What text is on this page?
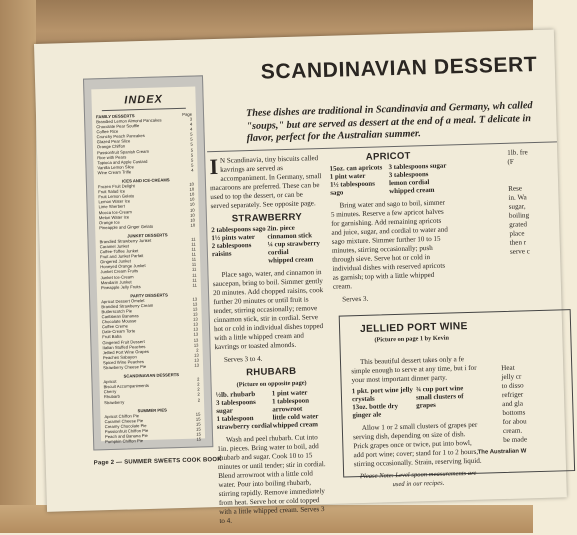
INDEX
FAMILY DESSERTS	Page
Brandied Lemon Almond Pancakes	3
Chocolate Pear Souffle	4
Coffee Rice	4
Crunchy Peach Pancakes	5
Glazed Pear Slice	5
Orange Chiffon	5
Passionfruit Spanish Cream	5
Rice with Pears	5
Tapioca and Apple Custard	5
Vanilla Lemon Slice	5
Wine Cream Trifle	4
ICES AND ICE-CREAMS
Frozen Fruit Delight	10
Fruit Salad Ice	10
Fruit Lemon Gelato	10
Lemon Water Ice	10
Lime Sherbert	10
Mocca Ice-Cream	10
Melon Water Ice	10
Orange Ice	10
Pineapple and Ginger Gelato	10
JUNKET DESSERTS
Brandied Strawberry Junket	11
Caramel Junket	11
Coffee-Toffee Junket	11
Fruit and Junket Parfait	11
Gingered Junket	11
Honeyed Orange Junket	11
Junket Cream Fruits	11
Junket Ice-Cream	11
Mandarin Junket	11
Pineapple Jelly Fruits	11
PARTY DESSERTS
Apricot Dessert Omelet	13
Brandied Strawberry Cream	13
Butterscotch Pie	13
Caribbean Bananas	13
Chocolate Mousse	13
Coffee Creme	13
Date-Cream Torte	13
Fruit Baba	13
Gingered Fruit Dessert	13
Italian Stuffed Peaches	13
Jellied Port Wine Grapes	2
Peaches Sabayon	13
Spiced Wine Peaches	13
Strawberry Cheese Pie	13
SCANDINAVIAN DESSERTS
Apricot	2
Biscuit Accompaniments	2
Cherry	2
Rhubarb	2
Strawberry	2
SUMMER PIES
Apricot Chiffon Pie	15
Caramel Cheese Pie	15
Creamy Chocolate Pie	15
Passionfruit Chiffon Pie	15
Peach and Banana Pie	15
Pumpkin Chiffon Pie	15
SCANDINAVIAN DESSERT
These dishes are traditional in Scandinavia and Germany, wh called "soups," but are served as dessert at the end of a meal. T delicate in flavor, perfect for the Australian summer.

I N Scandinavia, tiny biscuits called kavrings are served as accompaniment. In Germany, small macaroons are preferred. These can be used to top the dessert, or can be served separately. See opposite page.

STRAWBERRY
2 tablespoons sago
1½ pints water
2 tablespoons raisins
2in. piece cinnamon stick
¼ cup strawberry cordial
whipped cream

Place sago, water, and cinnamon in saucepan, bring to boil. Simmer gently 20 minutes. Add chopped raisins, cook further 20 minutes or until fruit is tender, stirring occasionally; remove cinnamon stick, stir in cordial. Serve hot or cold in individual dishes topped with a little whipped cream and kavrings or toasted almonds.

Serves 3 to 4.

RHUBARB
(Picture on opposite page)
½lb. rhubarb
3 tablespoons sugar
1 tablespoon strawberry cordial
1 pint water
1 tablespoon arrowroot
little cold water
whipped cream

Wash and peel rhubarb. Cut into 1in. pieces. Bring water to boil, add rhubarb and sugar. Cook 10 to 15 minutes or until tender; stir in cordial. Blend arrowroot with a little cold water. Pour into boiling rhubarb, stirring rapidly. Remove immediately from heat. Serve hot or cold topped with a little whipped cream. Serves 3 to 4.

APRICOT
15oz. can apricots
1 pint water
1½ tablespoons sago
3 tablespoons sugar
3 tablespoons lemon cordial
whipped cream

Bring water and sago to boil, simmer 5 minutes. Reserve a few apricot halves for garnishing. Add remaining apricots and juice, sugar, and cordial to water and sago mixture. Simmer further 10 to 15 minutes, stirring occasionally; push through sieve. Serve hot or cold in individual dishes with reserved apricots as garnish; top with a little whipped cream.

Serves 3.

1lb. fre
(F

Rese
in. Wa
sugar,
boiling
grated
place
then r
serve c
JELLIED PORT WINE
(Picture on page 1 by Kevin

This beautiful dessert takes only a fe simple enough to serve at any time, but i for your most important dinner party.

1 pkt. port wine jelly crystals
13oz. bottle dry ginger ale
¾ cup port wine
small clusters of grapes

Allow 1 or 2 small clusters of grapes per serving dish, depending on size of dish. Prick grapes once or twice, put into bowl, add port wine; cover; stand for 1 to 2 hours, stirring occasionally. Strain, reserving liquid.

Please Note: Level spoon measurements are used in our recipes.
Heat
jelly cr
to disso
refriger
and gla
bottoms
for abou
cream.
be made
Page 2 — SUMMER SWEETS COOK BOOK
The Australian W
